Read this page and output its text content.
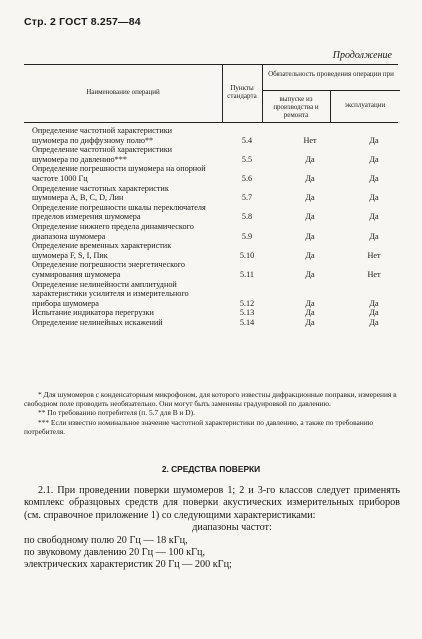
Стр. 2 ГОСТ 8.257—84
Продолжение
Наименование операций	Пункты стандарта
Обязательность проведения операции при
выпуске из производства и ремонта
эксплуатации
Определение частотной характеристики шумомера по диффузному полю**	5.4	Нет	Да
Определение частотной характеристики шумомера по давлению***	5.5	Да	Да
Определение погрешности шумомера на опорной частоте 1000 Гц	5.6	Да	Да
Определение частотных характеристик шумомера A, B, C, D, Лин	5.7	Да	Да
Определение погрешности шкалы переключателя пределов измерения шумомера	5.8	Да	Да
Определение нижнего предела динамического диапазона шумомера	5.9	Да	Да
Определение временных характеристик шумомера F, S, I, Пик	5.10	Да	Нет
Определение погрешности энергетического суммирования шумомера	5.11	Да	Нет
Определение нелинейности амплитудной характеристики усилителя и измерительного прибора шумомера	5.12	Да	Да
Испытание индикатора перегрузки	5.13	Да	Да
Определение нелинейных искажений	5.14	Да	Да

* Для шумомеров с конденсаторным микрофоном, для которого известны дифракционные поправки, измерения в свободном поле проводить необязательно. Они могут быть заменены градуировкой по давлению.

** По требованию потребителя (п. 5.7 для B и D).

*** Если известно номинальное значение частотной характеристики по давлению, а также по требованию потребителя.

2. СРЕДСТВА ПОВЕРКИ

2.1. При проведении поверки шумомеров 1; 2 и 3-го классов следует применять комплекс образцовых средств для поверки акустических измерительных приборов (см. справочное приложение 1) со следующими характеристиками:

диапазоны частот:

по свободному полю 20 Гц — 18 кГц,

по звуковому давлению 20 Гц — 100 кГц,

электрических характеристик 20 Гц — 200 кГц;
